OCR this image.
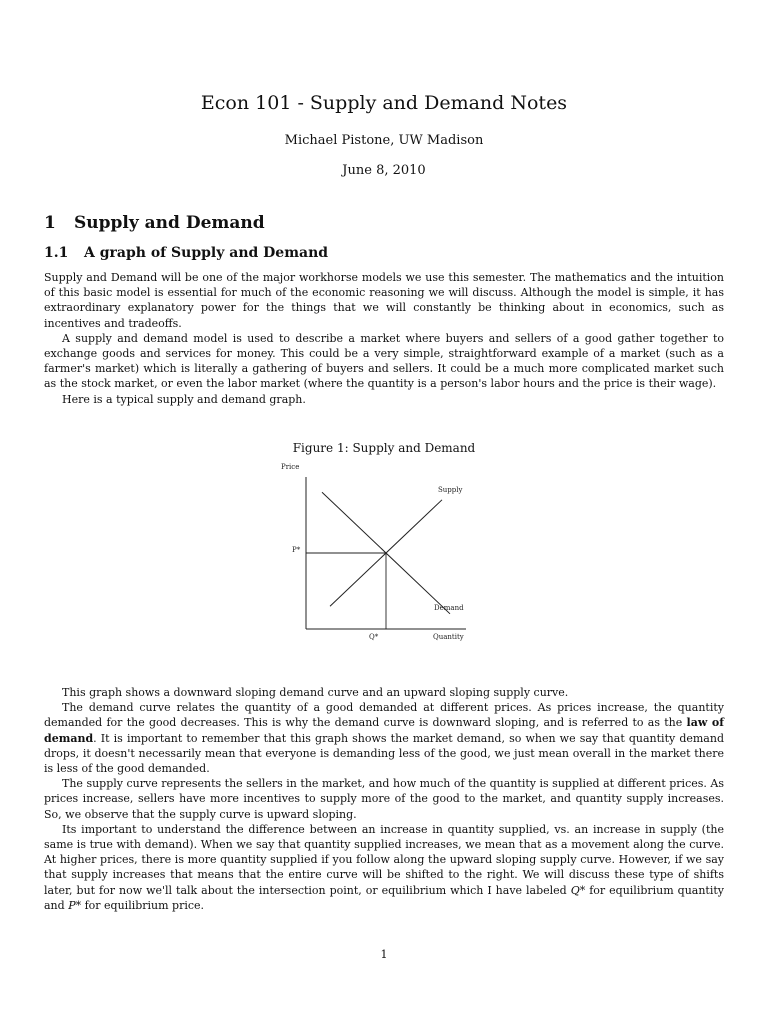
Econ 101 - Supply and Demand Notes
Michael Pistone, UW Madison
June 8, 2010
1 Supply and Demand
1.1 A graph of Supply and Demand

Supply and Demand will be one of the major workhorse models we use this semester. The mathematics and the intuition of this basic model is essential for much of the economic reasoning we will discuss. Although the model is simple, it has extraordinary explanatory power for the things that we will constantly be thinking about in economics, such as incentives and tradeoffs.

A supply and demand model is used to describe a market where buyers and sellers of a good gather together to exchange goods and services for money. This could be a very simple, straightforward example of a market (such as a farmer's market) which is literally a gathering of buyers and sellers. It could be a much more complicated market such as the stock market, or even the labor market (where the quantity is a person's labor hours and the price is their wage).

Here is a typical supply and demand graph.

Figure 1: Supply and Demand
Price
Quantity
Supply
Demand
P*
Q*

This graph shows a downward sloping demand curve and an upward sloping supply curve.

The demand curve relates the quantity of a good demanded at different prices. As prices increase, the quantity demanded for the good decreases. This is why the demand curve is downward sloping, and is referred to as the law of demand. It is important to remember that this graph shows the market demand, so when we say that quantity demand drops, it doesn't necessarily mean that everyone is demanding less of the good, we just mean overall in the market there is less of the good demanded.

The supply curve represents the sellers in the market, and how much of the quantity is supplied at different prices. As prices increase, sellers have more incentives to supply more of the good to the market, and quantity supply increases. So, we observe that the supply curve is upward sloping.

Its important to understand the difference between an increase in quantity supplied, vs. an increase in supply (the same is true with demand). When we say that quantity supplied increases, we mean that as a movement along the curve. At higher prices, there is more quantity supplied if you follow along the upward sloping supply curve. However, if we say that supply increases that means that the entire curve will be shifted to the right. We will discuss these type of shifts later, but for now we'll talk about the intersection point, or equilibrium which I have labeled Q* for equilibrium quantity and P* for equilibrium price.

1
